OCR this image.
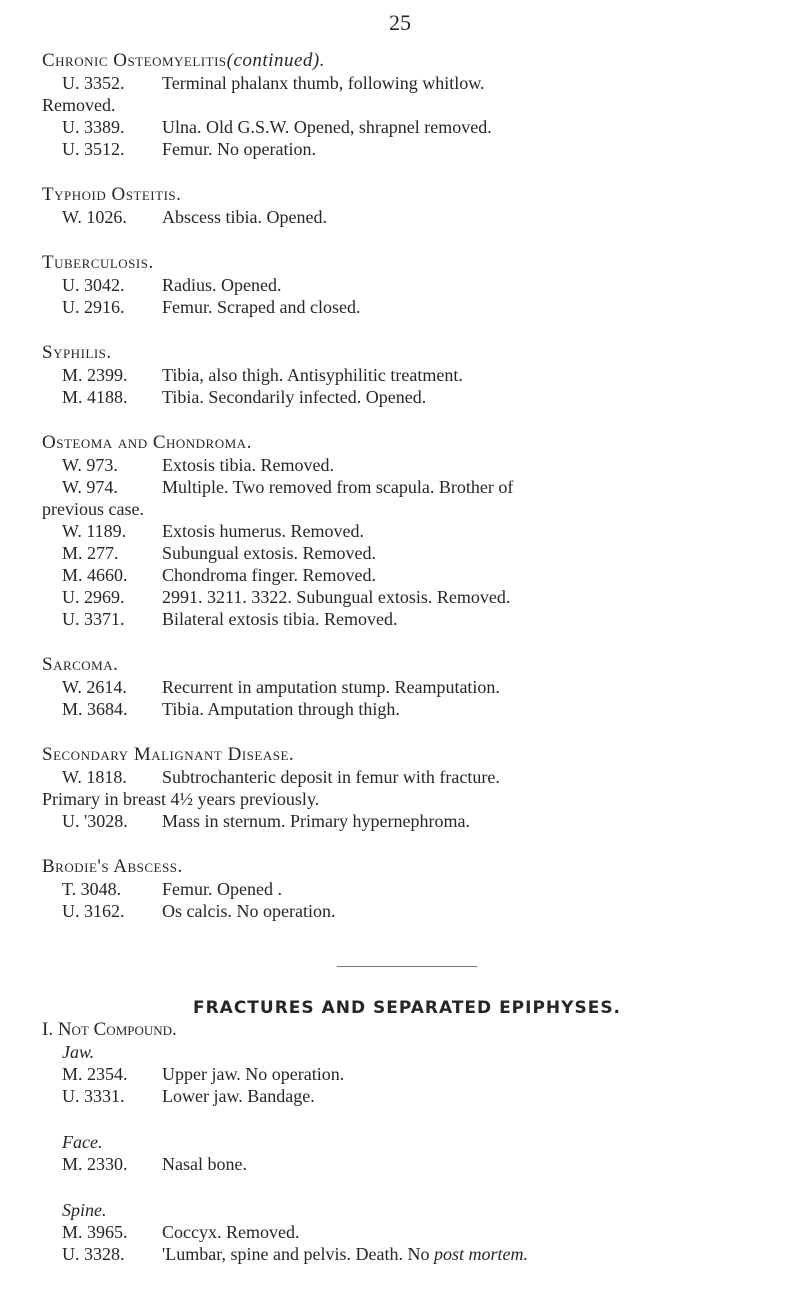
25
Chronic Osteomyelitis(continued).
U. 3352. Terminal phalanx thumb, following whitlow.
Removed.
U. 3389. Ulna. Old G.S.W. Opened, shrapnel removed.
U. 3512. Femur. No operation.
Typhoid Osteitis.
W. 1026. Abscess tibia. Opened.
Tuberculosis.
U. 3042. Radius. Opened.
U. 2916. Femur. Scraped and closed.
Syphilis.
M. 2399. Tibia, also thigh. Antisyphilitic treatment.
M. 4188. Tibia. Secondarily infected. Opened.
Osteoma and Chondroma.
W. 973. Extosis tibia. Removed.
W. 974. Multiple. Two removed from scapula. Brother of
previous case.
W. 1189. Extosis humerus. Removed.
M. 277. Subungual extosis. Removed.
M. 4660. Chondroma finger. Removed.
U. 2969. 2991. 3211. 3322. Subungual extosis. Removed.
U. 3371. Bilateral extosis tibia. Removed.
Sarcoma.
W. 2614. Recurrent in amputation stump. Reamputation.
M. 3684. Tibia. Amputation through thigh.
Secondary Malignant Disease.
W. 1818. Subtrochanteric deposit in femur with fracture.
Primary in breast 4½ years previously.
U. '3028. Mass in sternum. Primary hypernephroma.
Brodie's Abscess.
T. 3048. Femur. Opened .
U. 3162. Os calcis. No operation.
FRACTURES AND SEPARATED EPIPHYSES.
I. Not Compound.
Jaw.
M. 2354. Upper jaw. No operation.
U. 3331. Lower jaw. Bandage.
Face.
M. 2330. Nasal bone.
Spine.
M. 3965. Coccyx. Removed.
U. 3328. 'Lumbar, spine and pelvis. Death. No post mortem.
